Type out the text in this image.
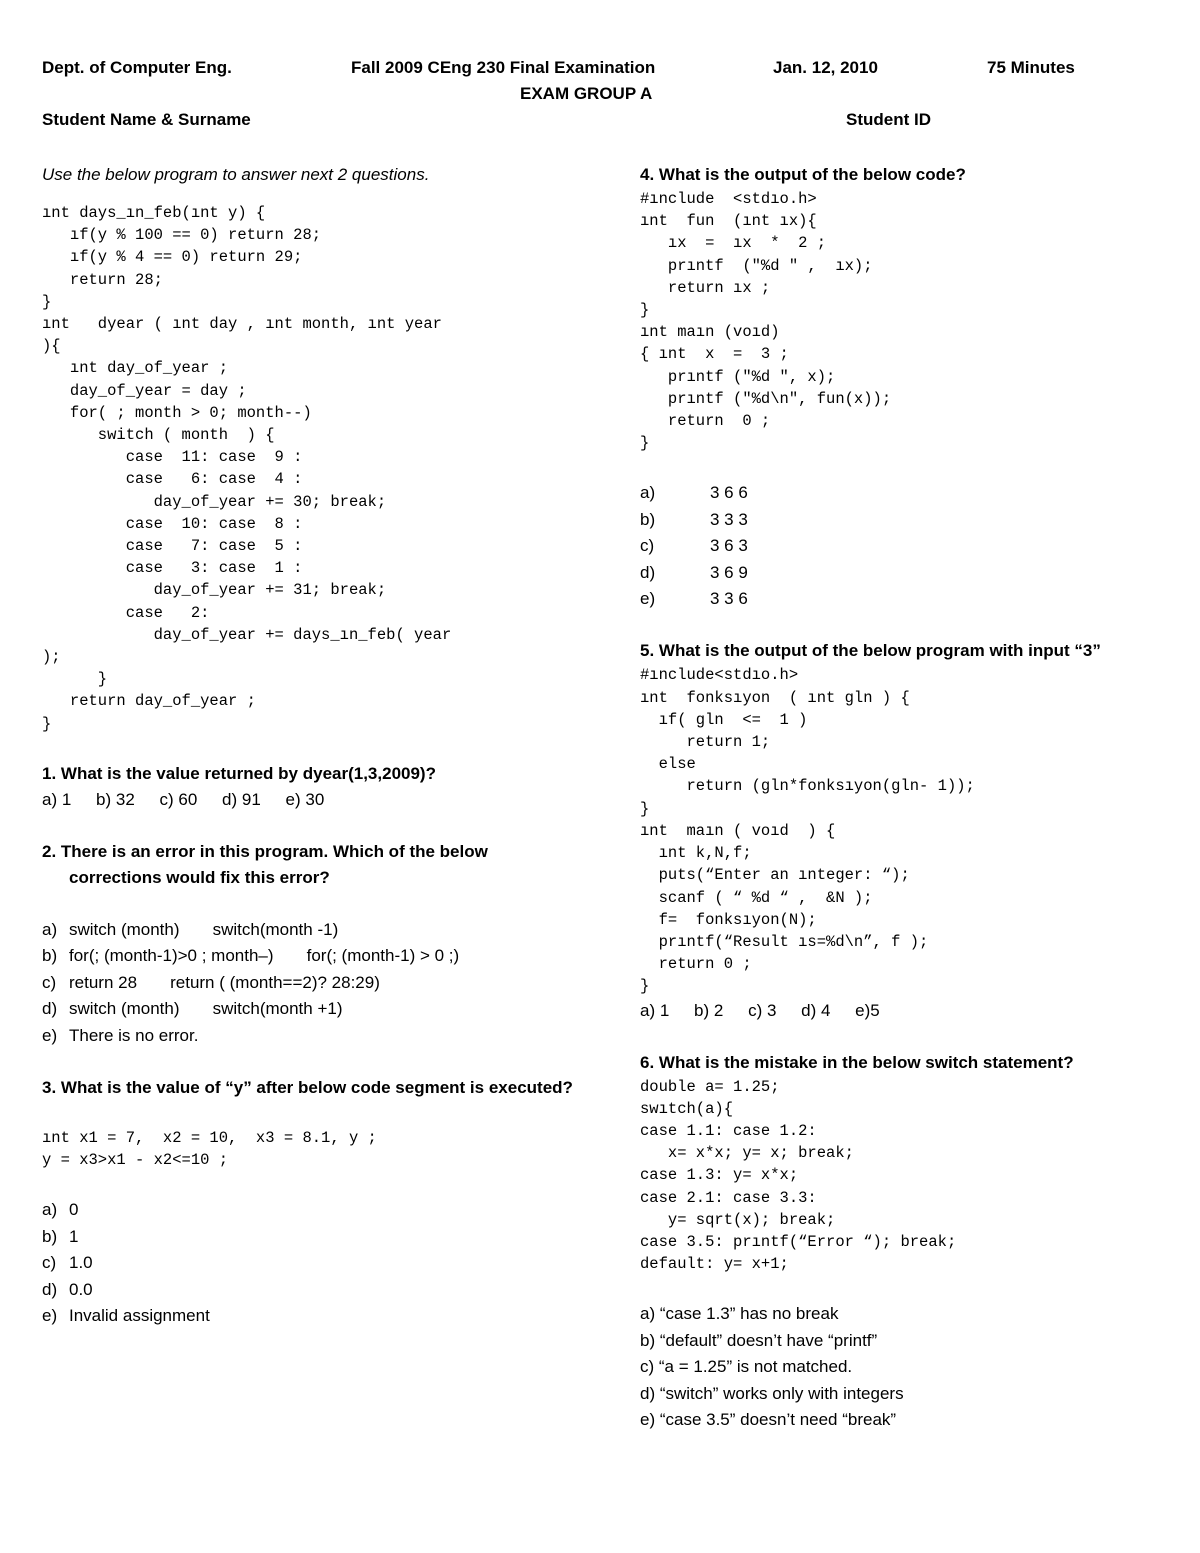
Dept. of Computer Eng.	Fall 2009 CEng 230 Final Examination
EXAM GROUP A
Jan. 12, 2010	75 Minutes
Student Name & Surname	Student ID
Use the below program to answer next 2 questions.
ınt days_ın_feb(ınt y) {
ıf(y % 100 == 0) return 28;
ıf(y % 4 == 0) return 29;
return 28;
}
ınt   dyear ( ınt day , ınt month, ınt year
){
ınt day_of_year ;
day_of_year = day ;
for( ; month > 0; month--)
switch ( month  ) {
case  11: case  9 :
case   6: case  4 :
day_of_year += 30; break;
case  10: case  8 :
case   7: case  5 :
case   3: case  1 :
day_of_year += 31; break;
case   2:
day_of_year += days_ın_feb( year
);
}
return day_of_year ;
}
1. What is the value returned by dyear(1,3,2009)?
a) 1 b) 32 c) 60 d) 91 e) 30
2. There is an error in this program. Which of the below corrections would fix this error?
a) switch (month)       switch(month -1)
b) for(; (month-1)>0 ; month–)       for(; (month-1) > 0 ;)
c) return 28       return ( (month==2)? 28:29)
d) switch (month)       switch(month +1)
e) There is no error.
3. What is the value of “y” after below code segment is executed?
ınt x1 = 7,  x2 = 10,  x3 = 8.1, y ;
y = x3>x1 - x2<=10 ;
a) 0
b) 1
c) 1.0
d) 0.0
e) Invalid assignment
4. What is the output of the below code?
#ınclude  <stdıo.h>
ınt  fun  (ınt ıx){
ıx  =  ıx  *  2 ;
prıntf  ("%d " ,  ıx);
return ıx ;
}
ınt maın (voıd)
{ ınt  x  =  3 ;
prıntf ("%d ", x);
prıntf ("%d\n", fun(x));
return  0 ;
}
a)	3 6 6
b)	3 3 3
c)	3 6 3
d)	3 6 9
e)	3 3 6
5. What is the output of the below program with input “3”
#ınclude<stdıo.h>
ınt  fonksıyon  ( ınt gln ) {
ıf( gln  <=  1 )
return 1;
else
return (gln*fonksıyon(gln- 1));
}
ınt  maın ( voıd  ) {
ınt k,N,f;
puts(“Enter an ınteger: “);
scanf ( “ %d “ ,  &N );
f=  fonksıyon(N);
prıntf(“Result ıs=%d\n”, f );
return 0 ;
}
a) 1 b) 2 c) 3 d) 4 e)5
6. What is the mistake in the below switch statement?
double a= 1.25;
swıtch(a){
case 1.1: case 1.2:
x= x*x; y= x; break;
case 1.3: y= x*x;
case 2.1: case 3.3:
y= sqrt(x); break;
case 3.5: prıntf(“Error “); break;
default: y= x+1;
a) “case 1.3” has no break
b) “default” doesn’t have “printf”
c) “a = 1.25” is not matched.
d) “switch” works only with integers
e) “case 3.5” doesn’t need “break”
